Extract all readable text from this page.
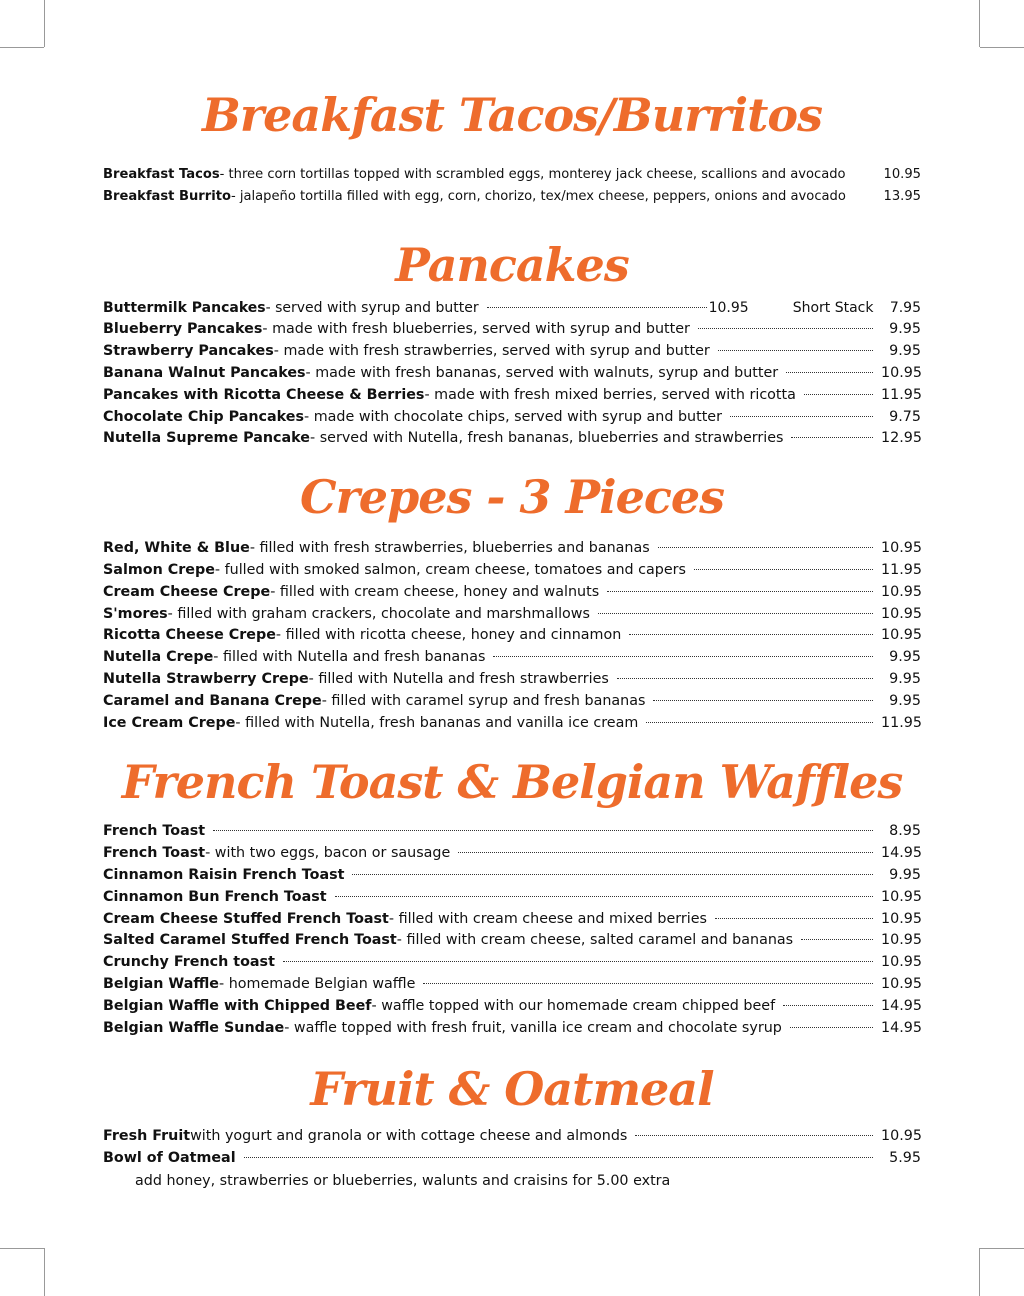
Breakfast Tacos/Burritos
Breakfast Tacos - three corn tortillas topped with scrambled eggs, monterey jack cheese, scallions and avocado	10.95
Breakfast Burrito - jalapeño tortilla filled with egg, corn, chorizo, tex/mex cheese, peppers, onions and avocado	13.95
Pancakes
Buttermilk Pancakes - served with syrup and butter	10.95	Short Stack 7.95
Blueberry Pancakes - made with fresh blueberries, served with syrup and butter	9.95
Strawberry Pancakes - made with fresh strawberries, served with syrup and butter	9.95
Banana Walnut Pancakes - made with fresh bananas, served with walnuts, syrup and butter	10.95
Pancakes with Ricotta Cheese & Berries - made with fresh mixed berries, served with ricotta	11.95
Chocolate Chip Pancakes - made with chocolate chips, served with syrup and butter	9.75
Nutella Supreme Pancake - served with Nutella, fresh bananas, blueberries and strawberries	12.95
Crepes - 3 Pieces
Red, White & Blue - filled with fresh strawberries, blueberries and bananas	10.95
Salmon Crepe - fulled with smoked salmon, cream cheese, tomatoes and capers	11.95
Cream Cheese Crepe - filled with cream cheese, honey and walnuts	10.95
S'mores - filled with graham crackers, chocolate and marshmallows	10.95
Ricotta Cheese Crepe - filled with ricotta cheese, honey and cinnamon	10.95
Nutella Crepe - filled with Nutella and fresh bananas	9.95
Nutella Strawberry Crepe - filled with Nutella and fresh strawberries	9.95
Caramel and Banana Crepe - filled with caramel syrup and fresh bananas	9.95
Ice Cream Crepe - filled with Nutella, fresh bananas and vanilla ice cream	11.95
French Toast & Belgian Waffles
French Toast	8.95
French Toast - with two eggs, bacon or sausage	14.95
Cinnamon Raisin French Toast	9.95
Cinnamon Bun French Toast	10.95
Cream Cheese Stuffed French Toast - filled with cream cheese and mixed berries	10.95
Salted Caramel Stuffed French Toast - filled with cream cheese, salted caramel and bananas	10.95
Crunchy French toast	10.95
Belgian Waffle - homemade Belgian waffle	10.95
Belgian Waffle with Chipped Beef - waffle topped with our homemade cream chipped beef	14.95
Belgian Waffle Sundae - waffle topped with fresh fruit, vanilla ice cream and chocolate syrup	14.95
Fruit & Oatmeal
Fresh Fruit with yogurt and granola or with cottage cheese and almonds	10.95
Bowl of Oatmeal	5.95
add honey, strawberries or blueberries, walunts and craisins for 5.00 extra
